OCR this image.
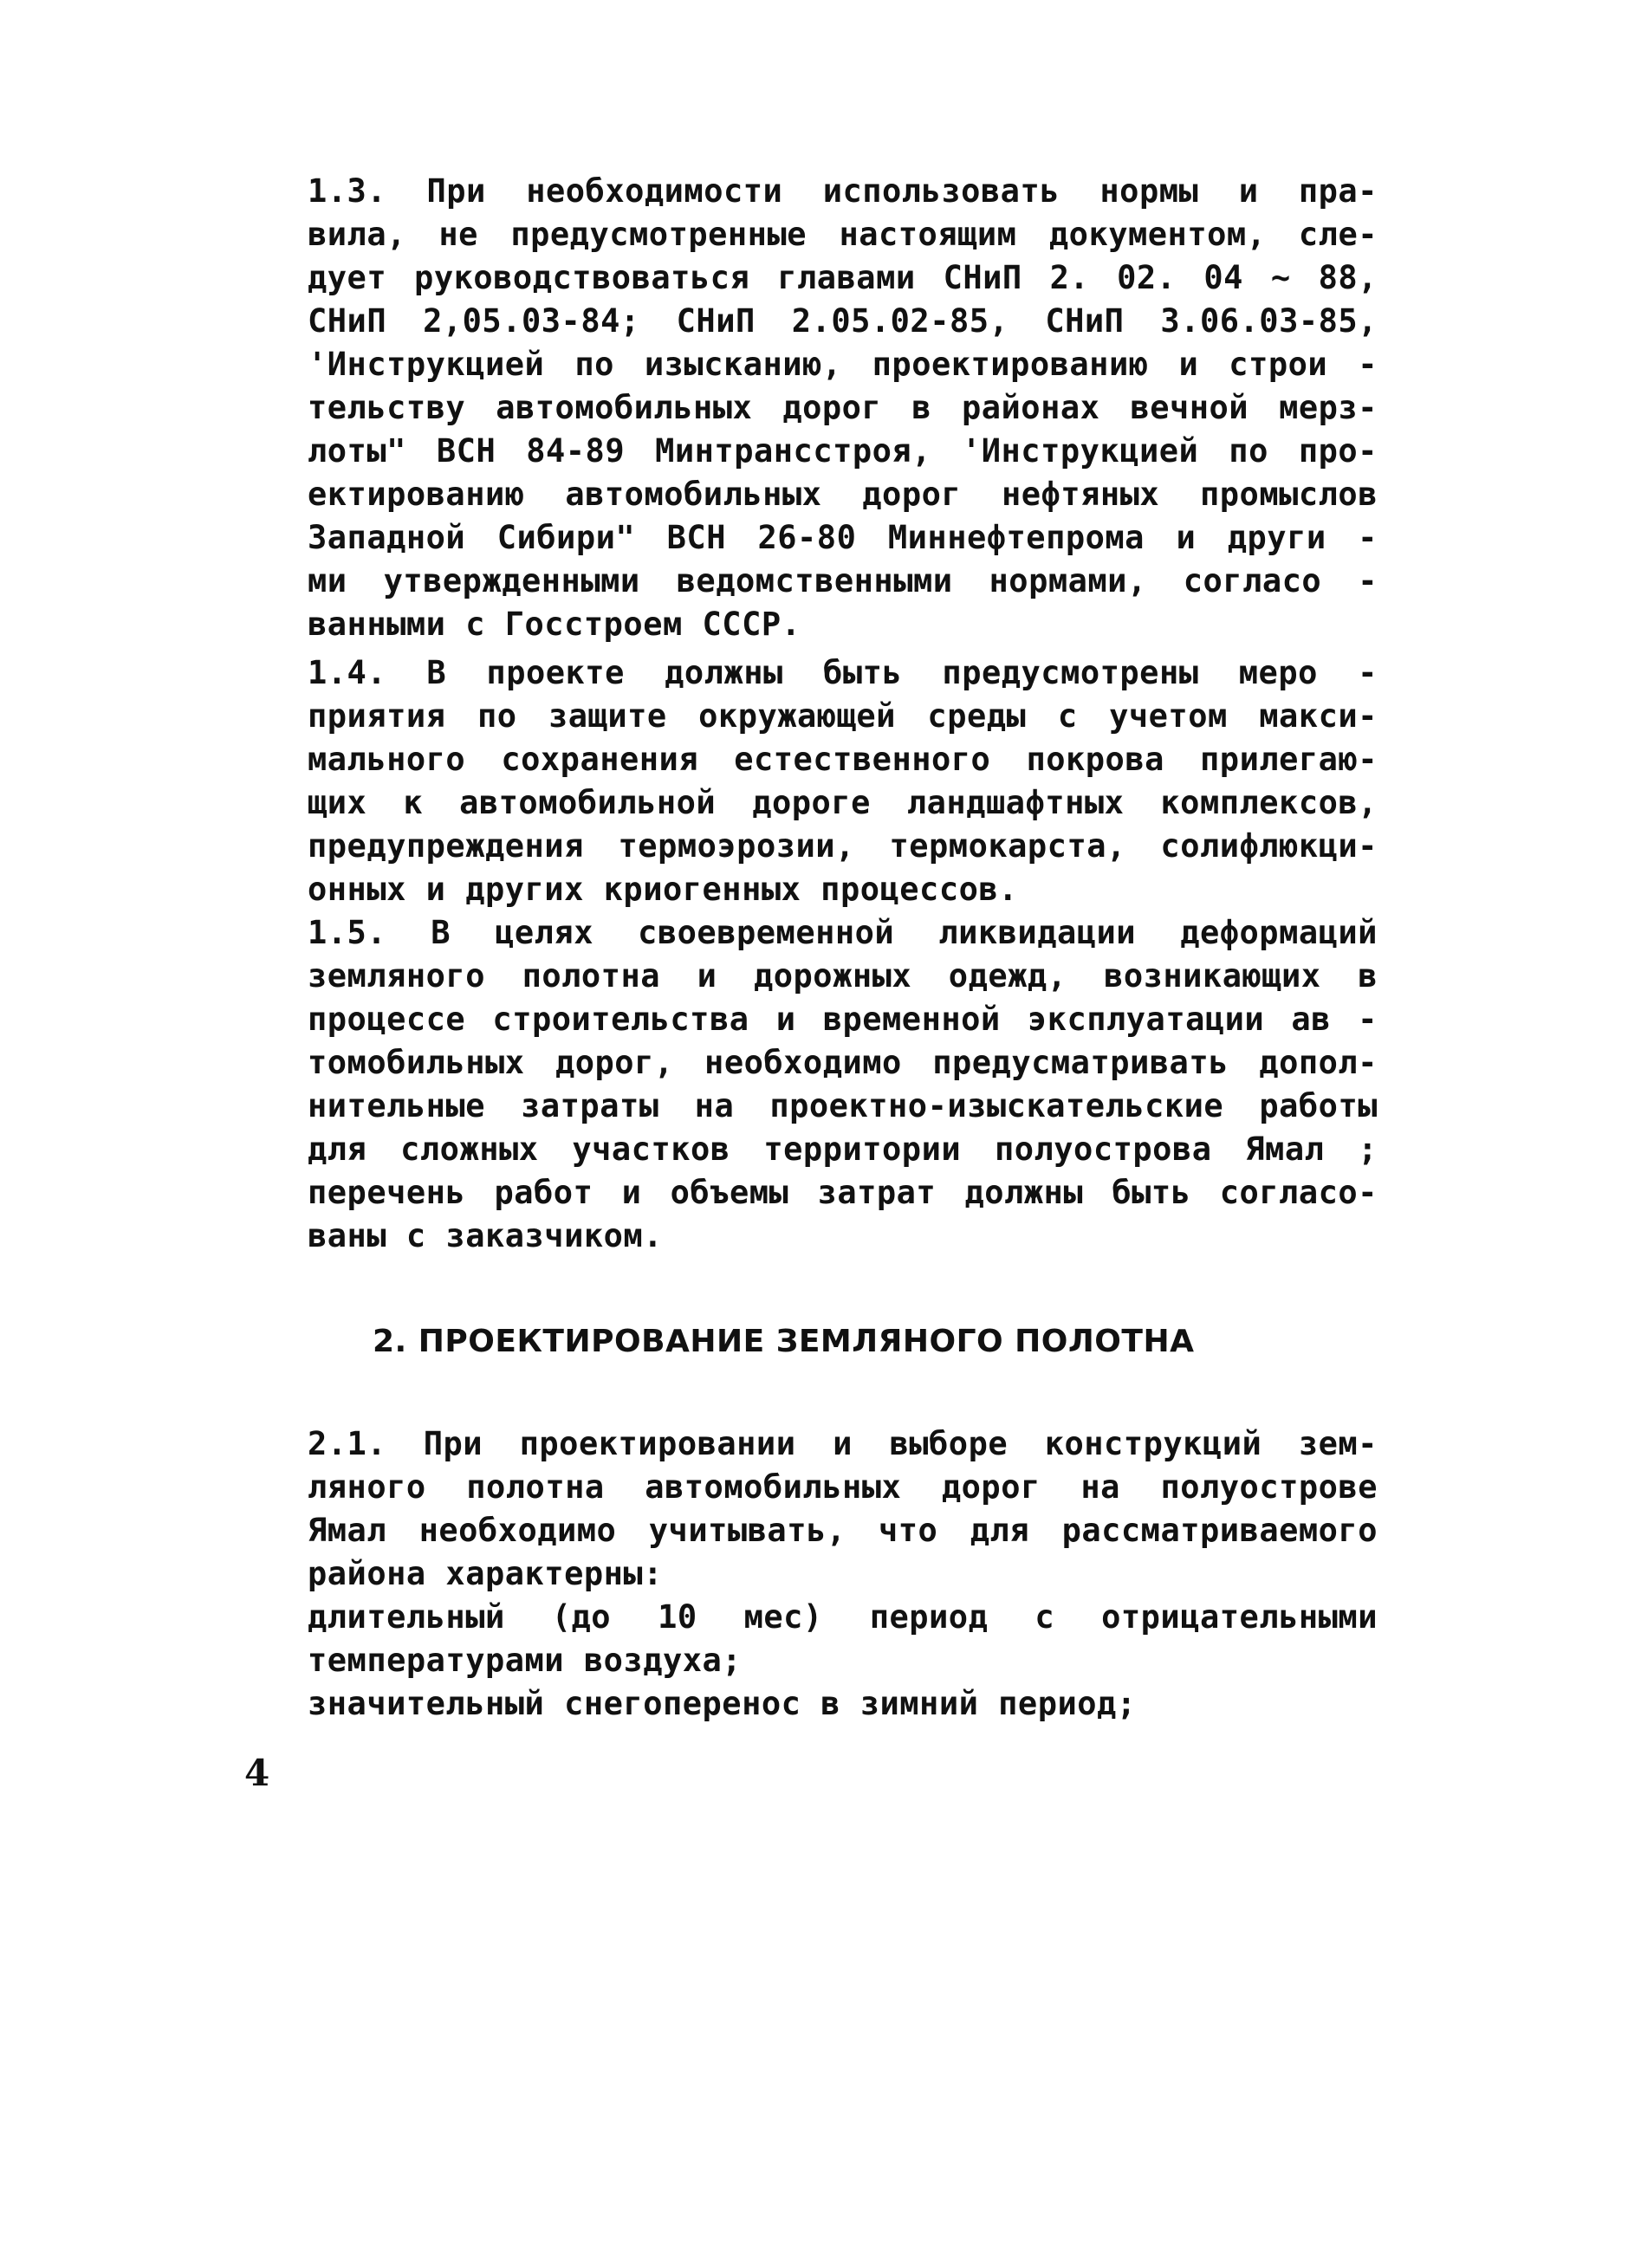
1.3. При необходимости использовать нормы и пра-
вила, не предусмотренные настоящим документом, сле-
дует руководствоваться главами СНиП 2. 02. 04 ~ 88,
СНиП 2,05.03-84; СНиП 2.05.02-85, СНиП 3.06.03-85,
'Инструкцией по изысканию, проектированию и строи -
тельству автомобильных дорог в районах вечной мерз-
лоты" ВСН 84-89 Минтрансстроя, 'Инструкцией по про-
ектированию автомобильных дорог нефтяных промыслов
Западной Сибири" ВСН 26-80 Миннефтепрома и други -
ми утвержденными ведомственными нормами, согласо -
ванными с Госстроем СССР.
1.4. В проекте должны быть предусмотрены меро -
приятия по защите окружающей среды с учетом макси-
мального сохранения естественного покрова прилегаю-
щих к автомобильной дороге ландшафтных комплексов,
предупреждения термоэрозии, термокарста, солифлюкци-
онных и других криогенных процессов.
1.5. В целях своевременной ликвидации деформаций
земляного полотна и дорожных одежд, возникающих в
процессе строительства и временной эксплуатации ав -
томобильных дорог, необходимо предусматривать допол-
нительные затраты на проектно-изыскательские работы
для сложных участков территории полуострова Ямал ;
перечень работ и объемы затрат должны быть согласо-
ваны с заказчиком.
2. ПРОЕКТИРОВАНИЕ ЗЕМЛЯНОГО ПОЛОТНА
2.1. При проектировании и выборе конструкций зем-
ляного полотна автомобильных дорог на полуострове
Ямал необходимо учитывать, что для рассматриваемого
района характерны:
длительный (до 10 мес) период с отрицательными
температурами воздуха;
значительный снегоперенос в зимний период;
4
